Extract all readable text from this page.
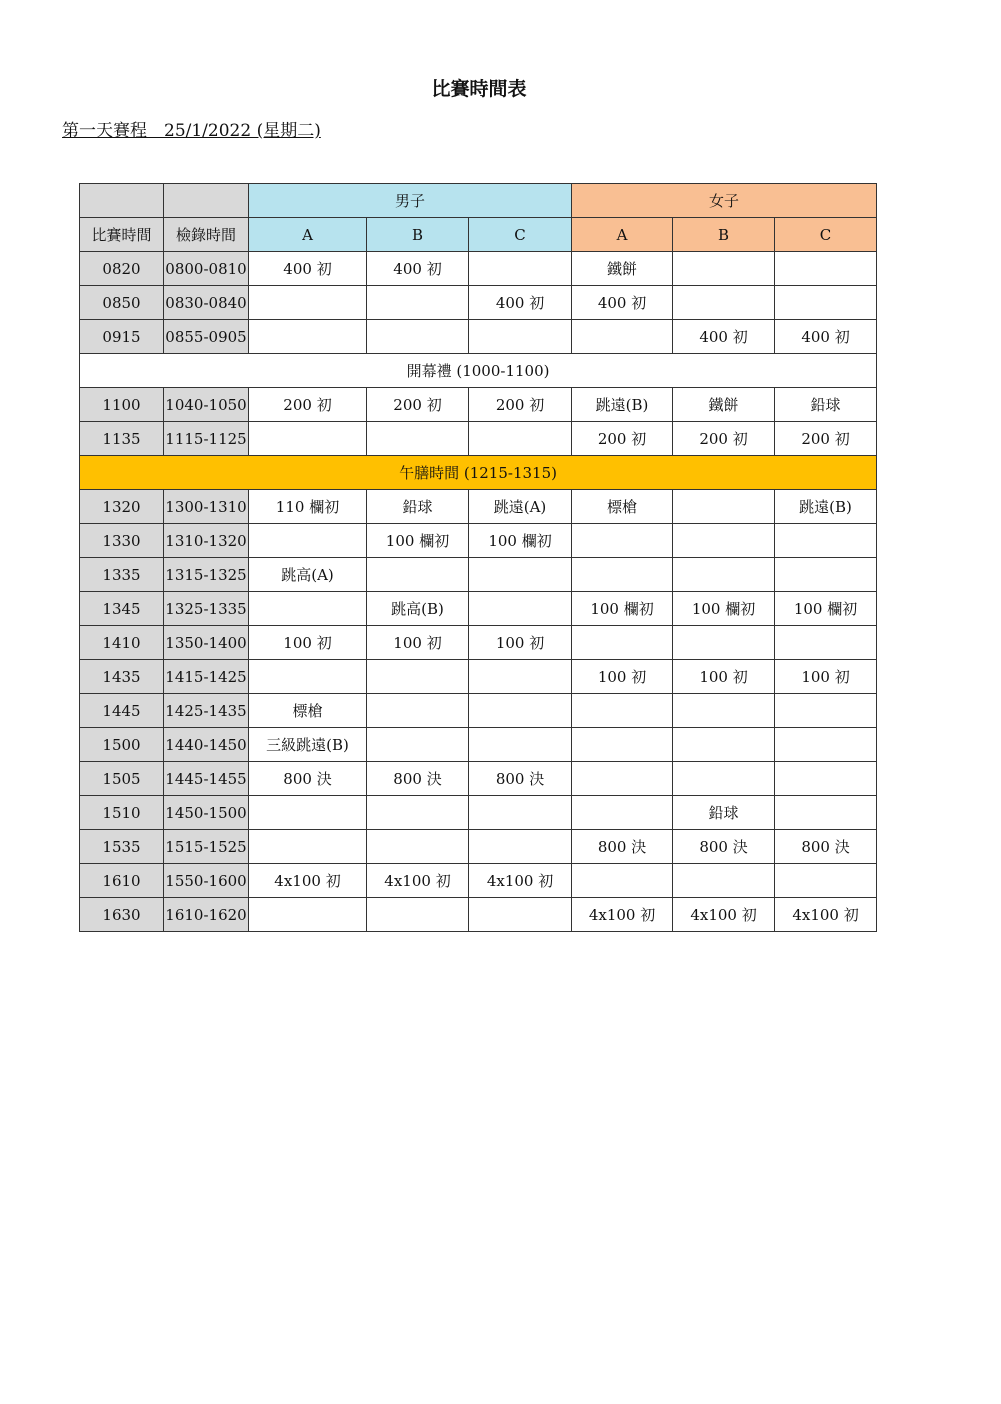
比賽時間表
第一天賽程　25/1/2022 (星期二)
		男子			女子		
比賽時間	檢錄時間	A	B	C	A	B	C
0820	0800-0810	400 初	400 初		鐵餅		
0850	0830-0840			400 初	400 初		
0915	0855-0905					400 初	400 初
開幕禮 (1000-1100)							
1100	1040-1050	200 初	200 初	200 初	跳遠(B)	鐵餅	鉛球
1135	1115-1125				200 初	200 初	200 初
午膳時間 (1215-1315)							
1320	1300-1310	110 欄初	鉛球	跳遠(A)	標槍		跳遠(B)
1330	1310-1320		100 欄初	100 欄初			
1335	1315-1325	跳高(A)					
1345	1325-1335		跳高(B)		100 欄初	100 欄初	100 欄初
1410	1350-1400	100 初	100 初	100 初			
1435	1415-1425				100 初	100 初	100 初
1445	1425-1435	標槍					
1500	1440-1450	三級跳遠(B)					
1505	1445-1455	800 決	800 決	800 決			
1510	1450-1500					鉛球	
1535	1515-1525				800 決	800 決	800 決
1610	1550-1600	4x100 初	4x100 初	4x100 初			
1630	1610-1620				4x100 初	4x100 初	4x100 初
